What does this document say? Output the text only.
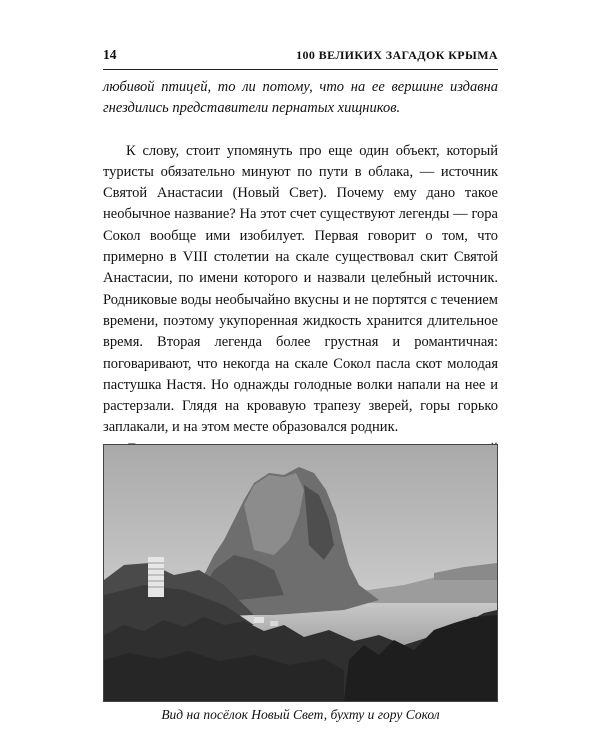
14	100 ВЕЛИКИХ ЗАГАДОК КРЫМА

любивой птицей, то ли потому, что на ее вершине издавна гнездились представители пернатых хищников.

К слову, стоит упомянуть про еще один объект, который туристы обязательно минуют по пути в облака, — источник Святой Анастасии (Новый Свет). Почему ему дано такое необычное название? На этот счет существуют легенды — гора Сокол вообще ими изобилует. Первая говорит о том, что примерно в VIII столетии на скале существовал скит Святой Анастасии, по имени которого и назвали целебный источник. Родниковые воды необычайно вкусны и не портятся с течением времени, поэтому укупоренная жидкость хранится длительное время. Вторая легенда более грустная и романтичная: поговаривают, что некогда на скале Сокол пасла скот молодая пастушка Настя. Но однажды голодные волки напали на нее и растерзали. Глядя на кровавую трапезу зверей, горы горько заплакали, и на этом месте образовался родник.

Вид на посёлок Новый Свет, бухту и гору Сокол
